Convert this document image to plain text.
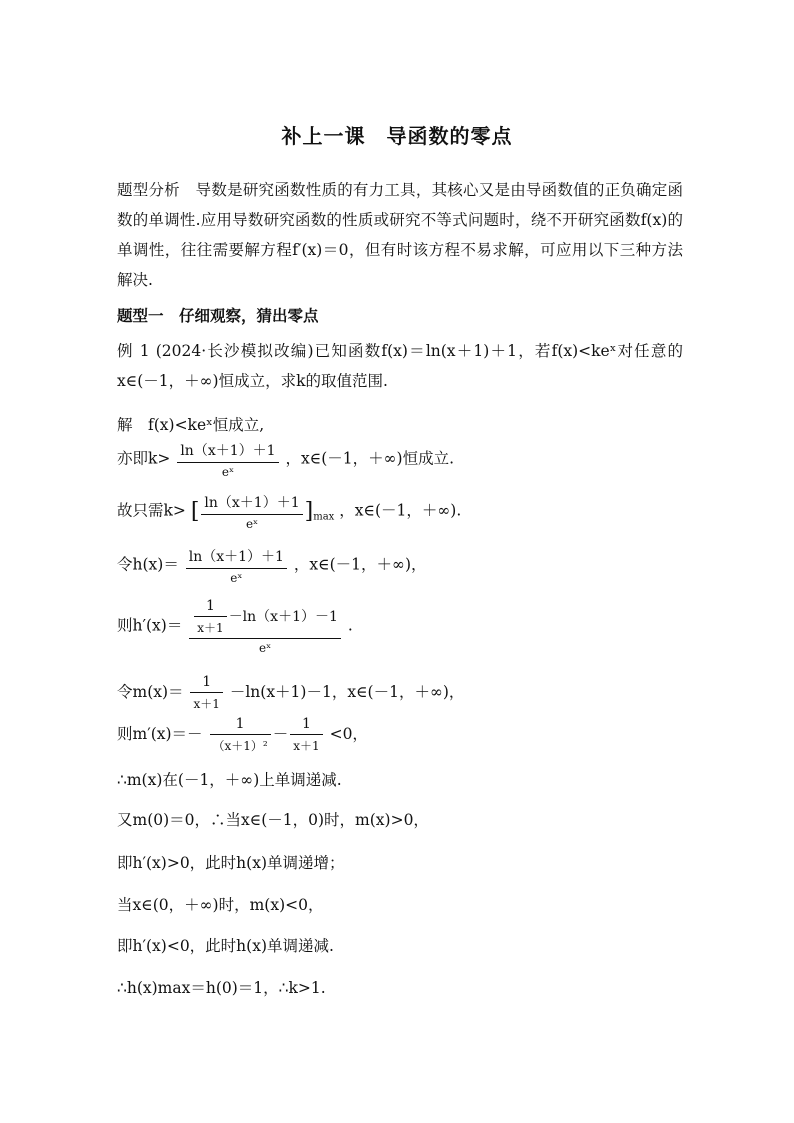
补上一课　导函数的零点

题型分析　导数是研究函数性质的有力工具，其核心又是由导函数值的正负确定函数的单调性.应用导数研究函数的性质或研究不等式问题时，绕不开研究函数f(x)的单调性，往往需要解方程f′(x)＝0，但有时该方程不易求解，可应用以下三种方法解决.

题型一　仔细观察，猜出零点

例 1 (2024·长沙模拟改编)已知函数f(x)＝ln(x＋1)＋1，若f(x)<keˣ对任意的x∈(－1，＋∞)恒成立，求k的取值范围.

解　f(x)<keˣ恒成立,
亦即$k> \frac{\ln(x+1)+1}{\text{eˣ}}$ ，x∈(－1，＋∞)恒成立.
故只需k> [ $\frac{\ln(x+1)+1}{\text{eˣ}} ]_{max}$ ，x∈(－1，＋∞).
令$h(x)= \frac{\ln(x+1)+1}{\text{eˣ}}$ ，x∈(－1，＋∞)，
则$h'(x)= \frac{\frac{1}{x+1} -\ln(x+1)-1}{\text{eˣ}}$ .
令$m(x)= \frac{1}{x+1} -\ln(x+1)-1$，x∈(－1，＋∞)，
则$m'(x)=- \frac{1}{\text{（x＋1）²}} - \frac{1}{x+1} <0$，
∴m(x)在(－1，＋∞)上单调递减.
又m(0)＝0，∴当x∈(－1，0)时，m(x)>0，
即h′(x)>0，此时h(x)单调递增；
当x∈(0，＋∞)时，m(x)<0，
即h′(x)<0，此时h(x)单调递减.
∴h(x)max＝h(0)＝1，∴k>1.
